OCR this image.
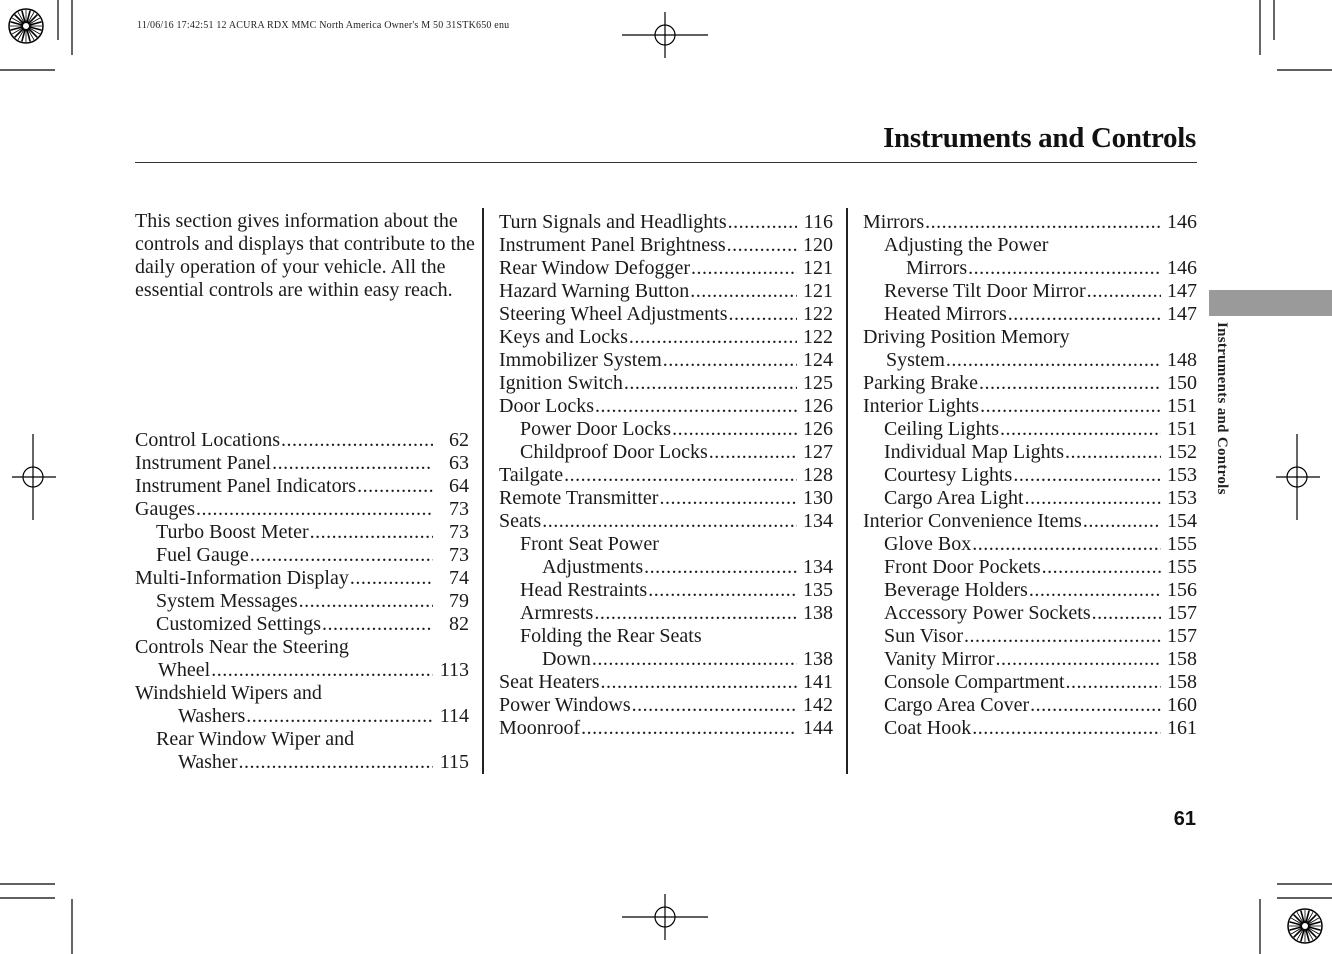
11/06/16 17:42:51 12 ACURA RDX MMC North America Owner's M 50 31STK650 enu
Instruments and Controls
This section gives information about the controls and displays that contribute to the daily operation of your vehicle. All the essential controls are within easy reach.
Control Locations .....	62
Instrument Panel .....	63
Instrument Panel Indicators .....	64
Gauges .....	73
Turbo Boost Meter .....	73
Fuel Gauge .....	73
Multi-Information Display .....	74
System Messages .....	79
Customized Settings .....	82
Controls Near the Steering
Wheel .....	113
Windshield Wipers and
Washers .....	114
Rear Window Wiper and
Washer .....	115
Turn Signals and Headlights .....	116
Instrument Panel Brightness .....	120
Rear Window Defogger .....	121
Hazard Warning Button .....	121
Steering Wheel Adjustments .....	122
Keys and Locks .....	122
Immobilizer System .....	124
Ignition Switch .....	125
Door Locks .....	126
Power Door Locks .....	126
Childproof Door Locks .....	127
Tailgate .....	128
Remote Transmitter .....	130
Seats .....	134
Front Seat Power
Adjustments .....	134
Head Restraints .....	135
Armrests .....	138
Folding the Rear Seats
Down .....	138
Seat Heaters .....	141
Power Windows .....	142
Moonroof .....	144
Mirrors .....	146
Adjusting the Power
Mirrors .....	146
Reverse Tilt Door Mirror .....	147
Heated Mirrors .....	147
Driving Position Memory
System .....	148
Parking Brake .....	150
Interior Lights .....	151
Ceiling Lights .....	151
Individual Map Lights .....	152
Courtesy Lights .....	153
Cargo Area Light .....	153
Interior Convenience Items .....	154
Glove Box .....	155
Front Door Pockets .....	155
Beverage Holders .....	156
Accessory Power Sockets .....	157
Sun Visor .....	157
Vanity Mirror .....	158
Console Compartment .....	158
Cargo Area Cover .....	160
Coat Hook .....	161
Instruments and Controls
61
